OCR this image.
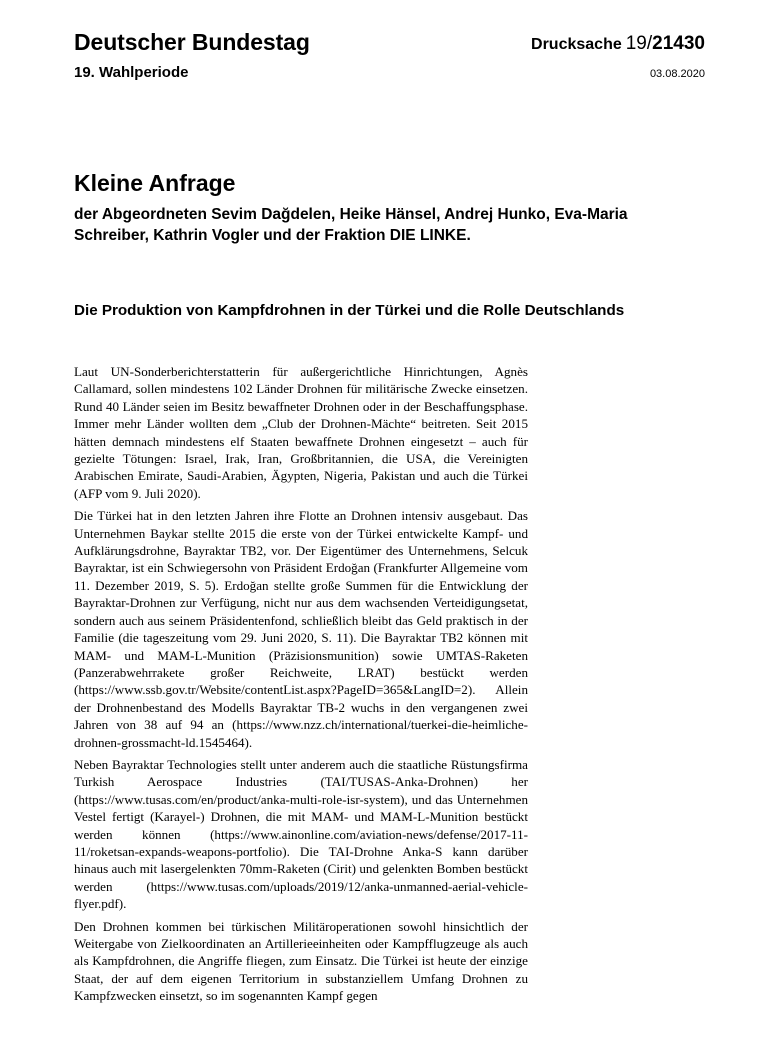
Deutscher Bundestag
19. Wahlperiode
Drucksache 19/21430
03.08.2020
Kleine Anfrage
der Abgeordneten Sevim Dağdelen, Heike Hänsel, Andrej Hunko, Eva-Maria Schreiber, Kathrin Vogler und der Fraktion DIE LINKE.
Die Produktion von Kampfdrohnen in der Türkei und die Rolle Deutschlands

Laut UN-Sonderberichterstatterin für außergerichtliche Hinrichtungen, Agnès Callamard, sollen mindestens 102 Länder Drohnen für militärische Zwecke einsetzen. Rund 40 Länder seien im Besitz bewaffneter Drohnen oder in der Beschaffungsphase. Immer mehr Länder wollten dem „Club der Drohnen-Mächte“ beitreten. Seit 2015 hätten demnach mindestens elf Staaten bewaffnete Drohnen eingesetzt – auch für gezielte Tötungen: Israel, Irak, Iran, Großbritannien, die USA, die Vereinigten Arabischen Emirate, Saudi-Arabien, Ägypten, Nigeria, Pakistan und auch die Türkei (AFP vom 9. Juli 2020).

Die Türkei hat in den letzten Jahren ihre Flotte an Drohnen intensiv ausgebaut. Das Unternehmen Baykar stellte 2015 die erste von der Türkei entwickelte Kampf- und Aufklärungsdrohne, Bayraktar TB2, vor. Der Eigentümer des Unternehmens, Selcuk Bayraktar, ist ein Schwiegersohn von Präsident Erdoğan (Frankfurter Allgemeine vom 11. Dezember 2019, S. 5). Erdoğan stellte große Summen für die Entwicklung der Bayraktar-Drohnen zur Verfügung, nicht nur aus dem wachsenden Verteidigungsetat, sondern auch aus seinem Präsidentenfond, schließlich bleibt das Geld praktisch in der Familie (die tageszeitung vom 29. Juni 2020, S. 11). Die Bayraktar TB2 können mit MAM- und MAM-L-Munition (Präzisionsmunition) sowie UMTAS-Raketen (Panzerabwehrrakete großer Reichweite, LRAT) bestückt werden (https://www.ssb.gov.tr/Website/contentList.aspx?PageID=365&LangID=2). Allein der Drohnenbestand des Modells Bayraktar TB-2 wuchs in den vergangenen zwei Jahren von 38 auf 94 an (https://www.nzz.ch/international/tuerkei-die-heimliche-drohnen-grossmacht-ld.1545464).

Neben Bayraktar Technologies stellt unter anderem auch die staatliche Rüstungsfirma Turkish Aerospace Industries (TAI/TUSAS-Anka-Drohnen) her (https://www.tusas.com/en/product/anka-multi-role-isr-system), und das Unternehmen Vestel fertigt (Karayel-) Drohnen, die mit MAM- und MAM-L-Munition bestückt werden können (https://www.ainonline.com/aviation-news/defense/2017-11-11/roketsan-expands-weapons-portfolio). Die TAI-Drohne Anka-S kann darüber hinaus auch mit lasergelenkten 70mm-Raketen (Cirit) und gelenkten Bomben bestückt werden (https://www.tusas.com/uploads/2019/12/anka-unmanned-aerial-vehicle-flyer.pdf).

Den Drohnen kommen bei türkischen Militäroperationen sowohl hinsichtlich der Weitergabe von Zielkoordinaten an Artillerieeinheiten oder Kampfflugzeuge als auch als Kampfdrohnen, die Angriffe fliegen, zum Einsatz. Die Türkei ist heute der einzige Staat, der auf dem eigenen Territorium in substanziellem Umfang Drohnen zu Kampfzwecken einsetzt, so im sogenannten Kampf gegen
